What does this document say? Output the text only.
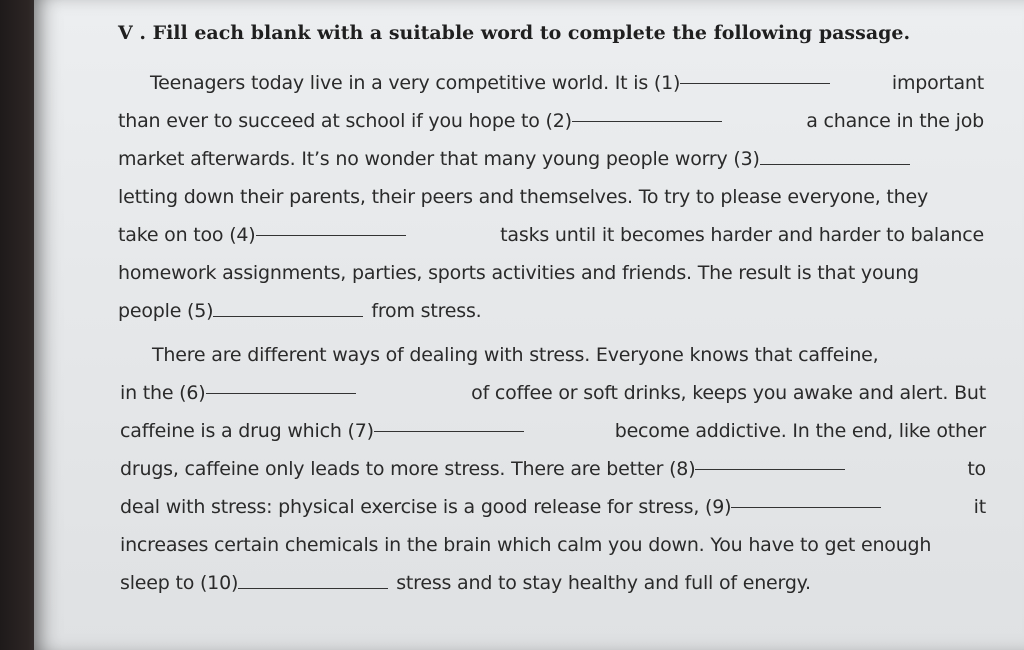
V . Fill each blank with a suitable word to complete the following passage.
Teenagers today live in a very competitive world. It is (1)	important
than ever to succeed at school if you hope to (2)	a chance in the job
market afterwards. It’s no wonder that many young people worry (3)
letting down their parents, their peers and themselves. To try to please everyone, they
take on too (4)	tasks until it becomes harder and harder to balance
homework assignments, parties, sports activities and friends. The result is that young
people (5)	from stress.
There are different ways of dealing with stress. Everyone knows that caffeine,
in the (6)	of coffee or soft drinks, keeps you awake and alert. But
caffeine is a drug which (7)	become addictive. In the end, like other
drugs, caffeine only leads to more stress. There are better (8)	to
deal with stress: physical exercise is a good release for stress, (9)	it
increases certain chemicals in the brain which calm you down. You have to get enough
sleep to (10)	stress and to stay healthy and full of energy.
